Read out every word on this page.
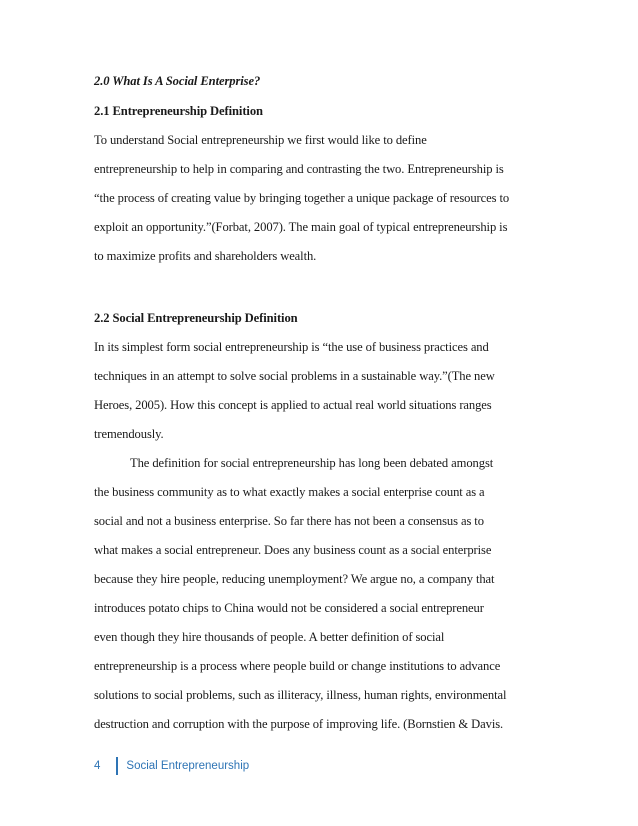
2.0 What Is A Social Enterprise?
2.1 Entrepreneurship Definition
To understand Social entrepreneurship we first would like to define
entrepreneurship to help in comparing and contrasting the two. Entrepreneurship is
“the process of creating value by bringing together a unique package of resources to
exploit an opportunity.”(Forbat, 2007). The main goal of typical entrepreneurship is
to maximize profits and shareholders wealth.
2.2 Social Entrepreneurship Definition
In its simplest form social entrepreneurship is “the use of business practices and
techniques in an attempt to solve social problems in a sustainable way.”(The new
Heroes, 2005). How this concept is applied to actual real world situations ranges
tremendously.
The definition for social entrepreneurship has long been debated amongst
the business community as to what exactly makes a social enterprise count as a
social and not a business enterprise. So far there has not been a consensus as to
what makes a social entrepreneur. Does any business count as a social enterprise
because they hire people, reducing unemployment? We argue no, a company that
introduces potato chips to China would not be considered a social entrepreneur
even though they hire thousands of people. A better definition of social
entrepreneurship is a process where people build or change institutions to advance
solutions to social problems, such as illiteracy, illness, human rights, environmental
destruction and corruption with the purpose of improving life. (Bornstien & Davis.
4 Social Entrepreneurship
